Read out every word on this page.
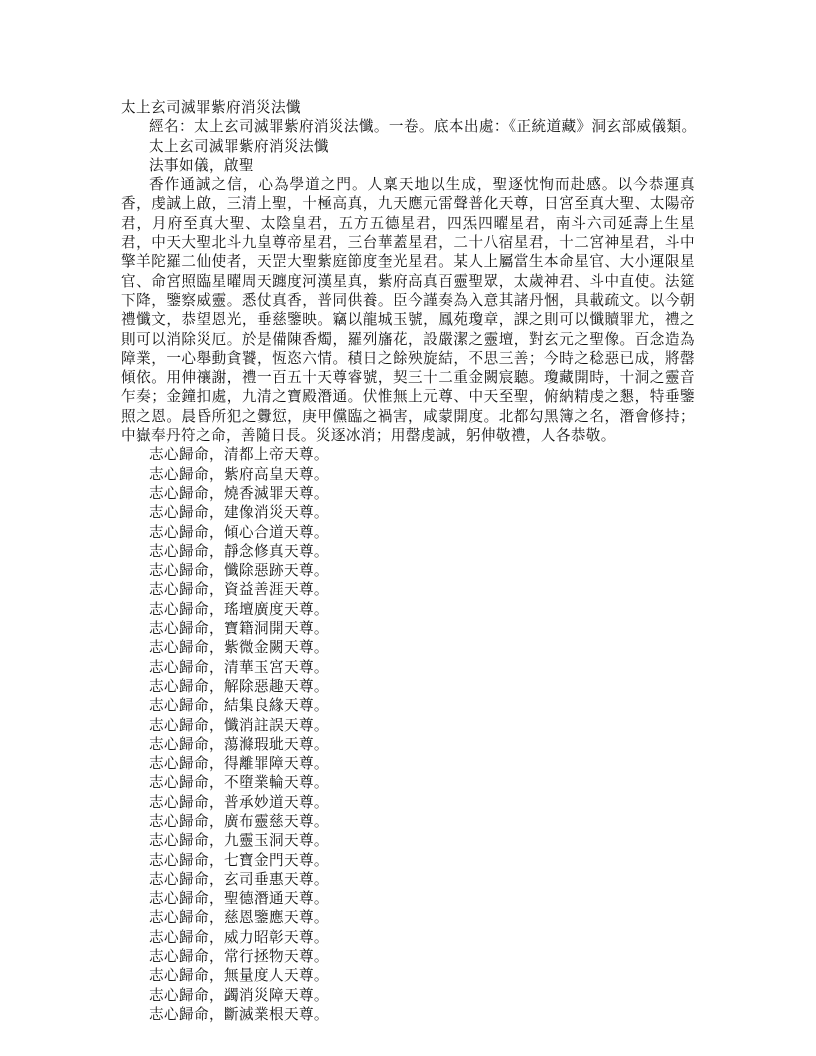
太上玄司滅罪紫府消災法懺
經名：太上玄司滅罪紫府消災法懺。一卷。底本出處：《正統道藏》洞玄部威儀類。
太上玄司滅罪紫府消災法懺
法事如儀，啟聖
香作通誠之信，心為學道之門。人稟天地以生成，聖逐忱恂而赴感。以今恭運真香，虔誠上啟，三清上聖，十極高真，九天應元雷聲普化天尊，日宮至真大聖、太陽帝君，月府至真大聖、太陰皇君，五方五德星君，四炁四曜星君，南斗六司延壽上生星君，中天大聖北斗九皇尊帝星君，三台華蓋星君，二十八宿星君，十二宮神星君，斗中擎羊陀羅二仙使者，天罡大聖紫庭節度奎光星君。某人上屬當生本命星官、大小運限星官、命宮照臨星曜周天躔度河漢星真，紫府高真百靈聖眾，太歲神君、斗中直使。法筵下降，鑒察威靈。悉仗真香，普同供養。臣今謹奏為入意其諸丹悃，具載疏文。以今朝禮懺文，恭望恩光，垂慈鑒映。竊以龍城玉號，鳳苑瓊章，課之則可以懺贖罪尤，禮之則可以消除災厄。於是備陳香燭，羅列旛花，設嚴潔之靈壇，對玄元之聖像。百念造為障業，一心舉動貪饕，恆恣六情。積日之餘殃旋結，不思三善；今時之稔惡已成，將罄傾依。用伸禳謝，禮一百五十天尊睿號，契三十二重金闕宸聽。瓊藏開時，十洞之靈音乍奏；金鐘扣處，九清之寶殿潛通。伏惟無上元尊、中天至聖，俯納精虔之懇，特垂鑒照之恩。晨昏所犯之釁愆，庚甲儻臨之禍害，咸蒙開度。北都勾黑簿之名，潛會修持；中嶽奉丹符之命，善隨日長。災逐冰消；用罄虔誠，躬伸敬禮，人各恭敬。
志心歸命，清都上帝天尊。
志心歸命，紫府高皇天尊。
志心歸命，燒香滅罪天尊。
志心歸命，建像消災天尊。
志心歸命，傾心合道天尊。
志心歸命，靜念修真天尊。
志心歸命，懺除惡跡天尊。
志心歸命，資益善涯天尊。
志心歸命，瑤壇廣度天尊。
志心歸命，寶籍洞開天尊。
志心歸命，紫微金闕天尊。
志心歸命，清華玉宮天尊。
志心歸命，解除惡趣天尊。
志心歸命，結集良緣天尊。
志心歸命，懺消註誤天尊。
志心歸命，蕩滌瑕玼天尊。
志心歸命，得離罪障天尊。
志心歸命，不墮業輪天尊。
志心歸命，普承妙道天尊。
志心歸命，廣布靈慈天尊。
志心歸命，九靈玉洞天尊。
志心歸命，七寶金門天尊。
志心歸命，玄司垂惠天尊。
志心歸命，聖德潛通天尊。
志心歸命，慈恩鑒應天尊。
志心歸命，威力昭彰天尊。
志心歸命，常行拯物天尊。
志心歸命，無量度人天尊。
志心歸命，蠲消災障天尊。
志心歸命，斷滅業根天尊。
